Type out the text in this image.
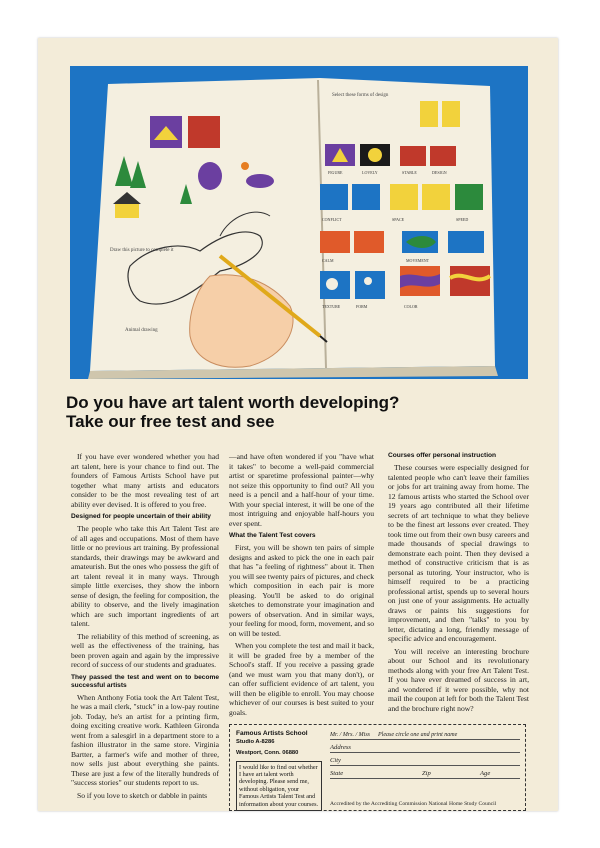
Draw this picture to complete it
Animal drawing
Select these forms of design
FIGURE	LOVELY	STABLE	DESIGN
CONFLICT	SPACE	SPEED
CALM	MOVEMENT
TEXTURE	FORM	COLOR
Do you have art talent worth developing?
Take our free test and see

If you have ever wondered whether you had art talent, here is your chance to find out. The founders of Famous Artists School have put together what many artists and educators consider to be the most revealing test of art ability ever devised. It is offered to you free.

Designed for people uncertain of their ability

The people who take this Art Talent Test are of all ages and occupations. Most of them have little or no previous art training. By professional standards, their drawings may be awkward and amateurish. But the ones who possess the gift of art talent reveal it in many ways. Through simple little exercises, they show the inborn sense of design, the feeling for composition, the ability to observe, and the lively imagination which are such important ingredients of art talent.

The reliability of this method of screening, as well as the effectiveness of the training, has been proven again and again by the impressive record of success of our students and graduates.

They passed the test and went on to become successful artists

When Anthony Fotia took the Art Talent Test, he was a mail clerk, "stuck" in a low-pay routine job. Today, he's an artist for a printing firm, doing exciting creative work. Kathleen Gironda went from a salesgirl in a department store to a fashion illustrator in the same store. Virginia Bartter, a farmer's wife and mother of three, now sells just about everything she paints. These are just a few of the literally hundreds of "success stories" our students report to us.

So if you love to sketch or dabble in paints

—and have often wondered if you "have what it takes" to become a well-paid commercial artist or sparetime professional painter—why not seize this opportunity to find out? All you need is a pencil and a half-hour of your time. With your special interest, it will be one of the most intriguing and enjoyable half-hours you ever spent.

What the Talent Test covers

First, you will be shown ten pairs of simple designs and asked to pick the one in each pair that has "a feeling of rightness" about it. Then you will see twenty pairs of pictures, and check which composition in each pair is more pleasing. You'll be asked to do original sketches to demonstrate your imagination and powers of observation. And in similar ways, your feeling for mood, form, movement, and so on will be tested.

When you complete the test and mail it back, it will be graded free by a member of the School's staff. If you receive a passing grade (and we must warn you that many don't), or can offer sufficient evidence of art talent, you will then be eligible to enroll. You may choose whichever of our courses is best suited to your goals.

Courses offer personal instruction

These courses were especially designed for talented people who can't leave their families or jobs for art training away from home. The 12 famous artists who started the School over 19 years ago contributed all their lifetime secrets of art technique to what they believe to be the finest art lessons ever created. They took time out from their own busy careers and made thousands of special drawings to demonstrate each point. Then they devised a method of constructive criticism that is as personal as tutoring. Your instructor, who is himself required to be a practicing professional artist, spends up to several hours on just one of your assignments. He actually draws or paints his suggestions for improvement, and then "talks" to you by letter, dictating a long, friendly message of specific advice and encouragement.

You will receive an interesting brochure about our School and its revolutionary methods along with your free Art Talent Test. If you have ever dreamed of success in art, and wondered if it were possible, why not mail the coupon at left for both the Talent Test and the brochure right now?

Famous Artists School
Studio A-8286
Westport, Conn. 06880
I would like to find out whether I have art talent worth developing. Please send me, without obligation, your Famous Artists Talent Test and information about your courses.
Mr. / Mrs. / Miss Please circle one and print name
Address
City
State	Zip	Age
Accredited by the Accrediting Commission National Home Study Council
